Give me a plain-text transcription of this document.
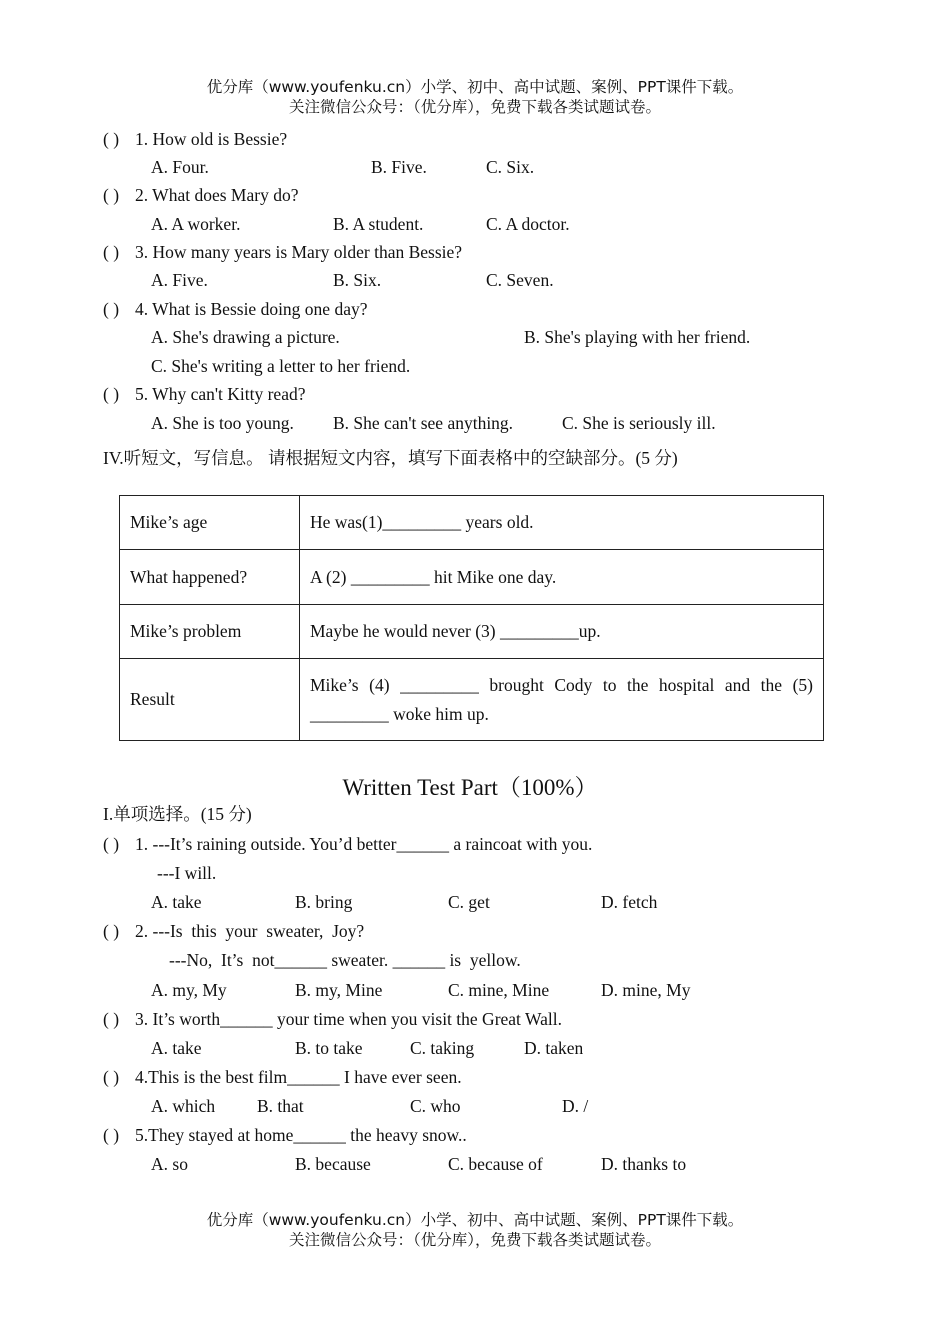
优分库（www.youfenku.cn）小学、初中、高中试题、案例、PPT课件下载。
关注微信公众号：（优分库），免费下载各类试题试卷。
( ) 1. How old is Bessie?
A. Four.	B. Five.	C. Six.
( ) 2. What does Mary do?
A. A worker.	B. A student.	C. A doctor.
( ) 3. How many years is Mary older than Bessie?
A. Five.	B. Six.	C. Seven.
( ) 4. What is Bessie doing one day?
A. She's drawing a picture.	B. She's playing with her friend.
C. She's writing a letter to her friend.
( ) 5. Why can't Kitty read?
A. She is too young. B. She can't see anything.	C. She is seriously ill.
IV.听短文，写信息。 请根据短文内容，填写下面表格中的空缺部分。(5 分)
Mike’s age	He was(1)_________ years old.
What happened?	A (2) _________ hit Mike one day.
Mike’s problem	Maybe he would never (3) _________up.
Result	Mike’s (4) _________ brought Cody to the hospital and the (5) _________ woke him up.
Written Test Part（100%）
I.单项选择。(15 分)
( ) 1. ---It’s raining outside. You’d better______ a raincoat with you.
---I will.
A. take	B. bring	C. get	D. fetch
( ) 2. ---Is  this  your  sweater,  Joy?
---No,  It’s  not______ sweater. ______ is  yellow.
A. my, My	B. my, Mine	C. mine, Mine	D. mine, My
( ) 3. It’s worth______ your time when you visit the Great Wall.
A. take	B. to take	C. taking	D. taken
( ) 4.This is the best film______ I have ever seen.
A. which B. that	C. who	D. /
( ) 5.They stayed at home______ the heavy snow..
A. so	B. because	C. because of	D. thanks to
优分库（www.youfenku.cn）小学、初中、高中试题、案例、PPT课件下载。
关注微信公众号：（优分库），免费下载各类试题试卷。
